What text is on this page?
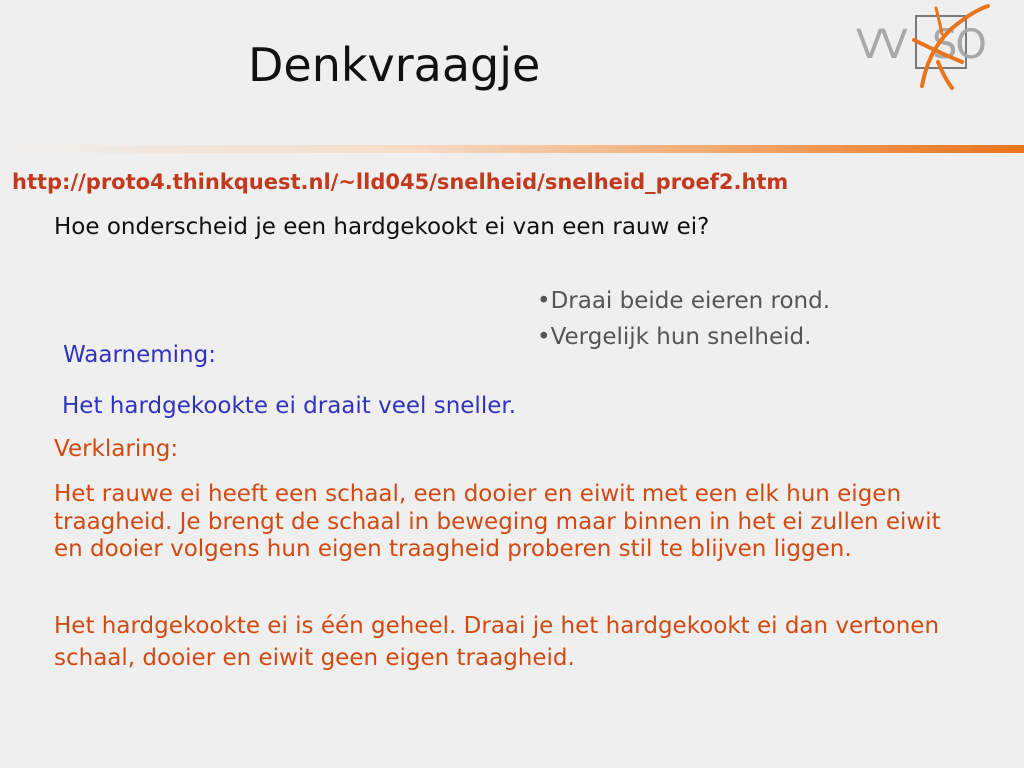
Denkvraagje	VV SO
http://proto4.thinkquest.nl/~lld045/snelheid/snelheid_proef2.htm
Hoe onderscheid je een hardgekookt ei van een rauw ei?
•Draai beide eieren rond.
•Vergelijk hun snelheid.
Waarneming:
Het hardgekookte ei draait veel sneller.
Verklaring:
Het rauwe ei heeft een schaal, een dooier en eiwit met een elk hun eigen traagheid. Je brengt de schaal in beweging maar binnen in het ei zullen eiwit en dooier volgens hun eigen traagheid proberen stil te blijven liggen.
Het hardgekookte ei is één geheel. Draai je het hardgekookt ei dan vertonen schaal, dooier en eiwit geen eigen traagheid.
